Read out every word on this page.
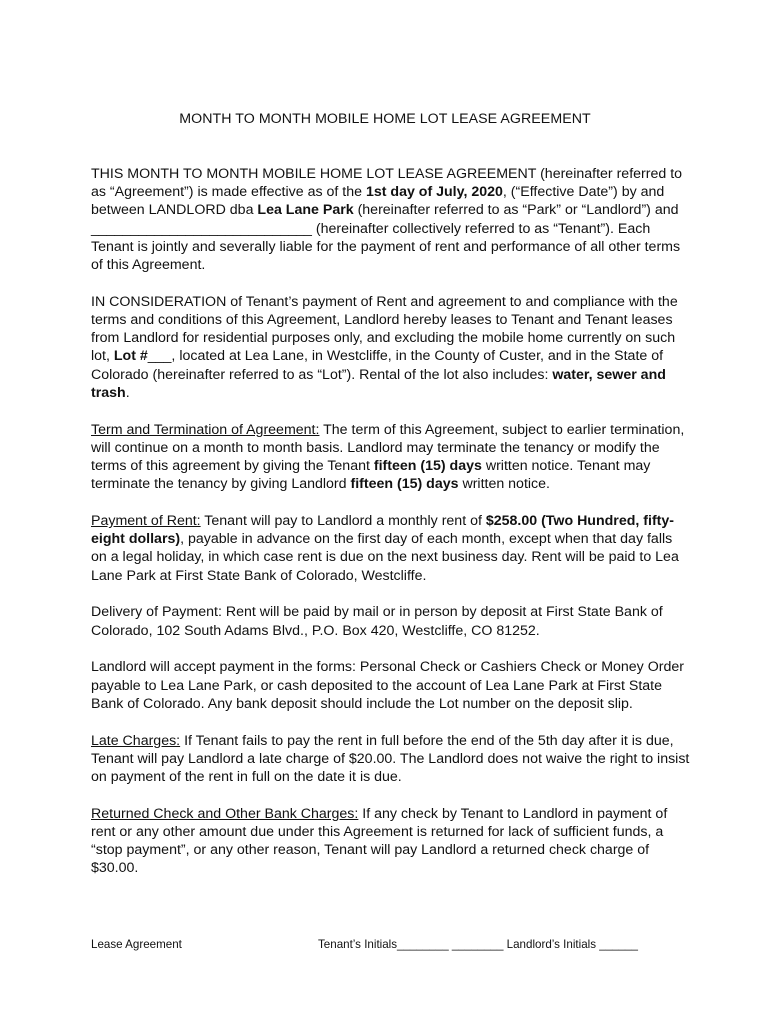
MONTH TO MONTH MOBILE HOME LOT LEASE AGREEMENT

THIS MONTH TO MONTH MOBILE HOME LOT LEASE AGREEMENT (hereinafter referred to as “Agreement”) is made effective as of the 1st day of July, 2020, (“Effective Date”) by and between LANDLORD dba Lea Lane Park (hereinafter referred to as “Park” or “Landlord”) and ____________________________ (hereinafter collectively referred to as “Tenant”). Each Tenant is jointly and severally liable for the payment of rent and performance of all other terms of this Agreement.

IN CONSIDERATION of Tenant’s payment of Rent and agreement to and compliance with the terms and conditions of this Agreement, Landlord hereby leases to Tenant and Tenant leases from Landlord for residential purposes only, and excluding the mobile home currently on such lot, Lot #___, located at Lea Lane, in Westcliffe, in the County of Custer, and in the State of Colorado (hereinafter referred to as “Lot”). Rental of the lot also includes: water, sewer and trash.

Term and Termination of Agreement: The term of this Agreement, subject to earlier termination, will continue on a month to month basis. Landlord may terminate the tenancy or modify the terms of this agreement by giving the Tenant fifteen (15) days written notice. Tenant may terminate the tenancy by giving Landlord fifteen (15) days written notice.

Payment of Rent: Tenant will pay to Landlord a monthly rent of $258.00 (Two Hundred, fifty-eight dollars), payable in advance on the first day of each month, except when that day falls on a legal holiday, in which case rent is due on the next business day. Rent will be paid to Lea Lane Park at First State Bank of Colorado, Westcliffe.

Delivery of Payment: Rent will be paid by mail or in person by deposit at First State Bank of Colorado, 102 South Adams Blvd., P.O. Box 420, Westcliffe, CO 81252.

Landlord will accept payment in the forms: Personal Check or Cashiers Check or Money Order payable to Lea Lane Park, or cash deposited to the account of Lea Lane Park at First State Bank of Colorado. Any bank deposit should include the Lot number on the deposit slip.

Late Charges: If Tenant fails to pay the rent in full before the end of the 5th day after it is due, Tenant will pay Landlord a late charge of $20.00. The Landlord does not waive the right to insist on payment of the rent in full on the date it is due.

Returned Check and Other Bank Charges: If any check by Tenant to Landlord in payment of rent or any other amount due under this Agreement is returned for lack of sufficient funds, a “stop payment”, or any other reason, Tenant will pay Landlord a returned check charge of $30.00.

Lease Agreement	Tenant’s Initials________ ________ Landlord’s Initials ______
